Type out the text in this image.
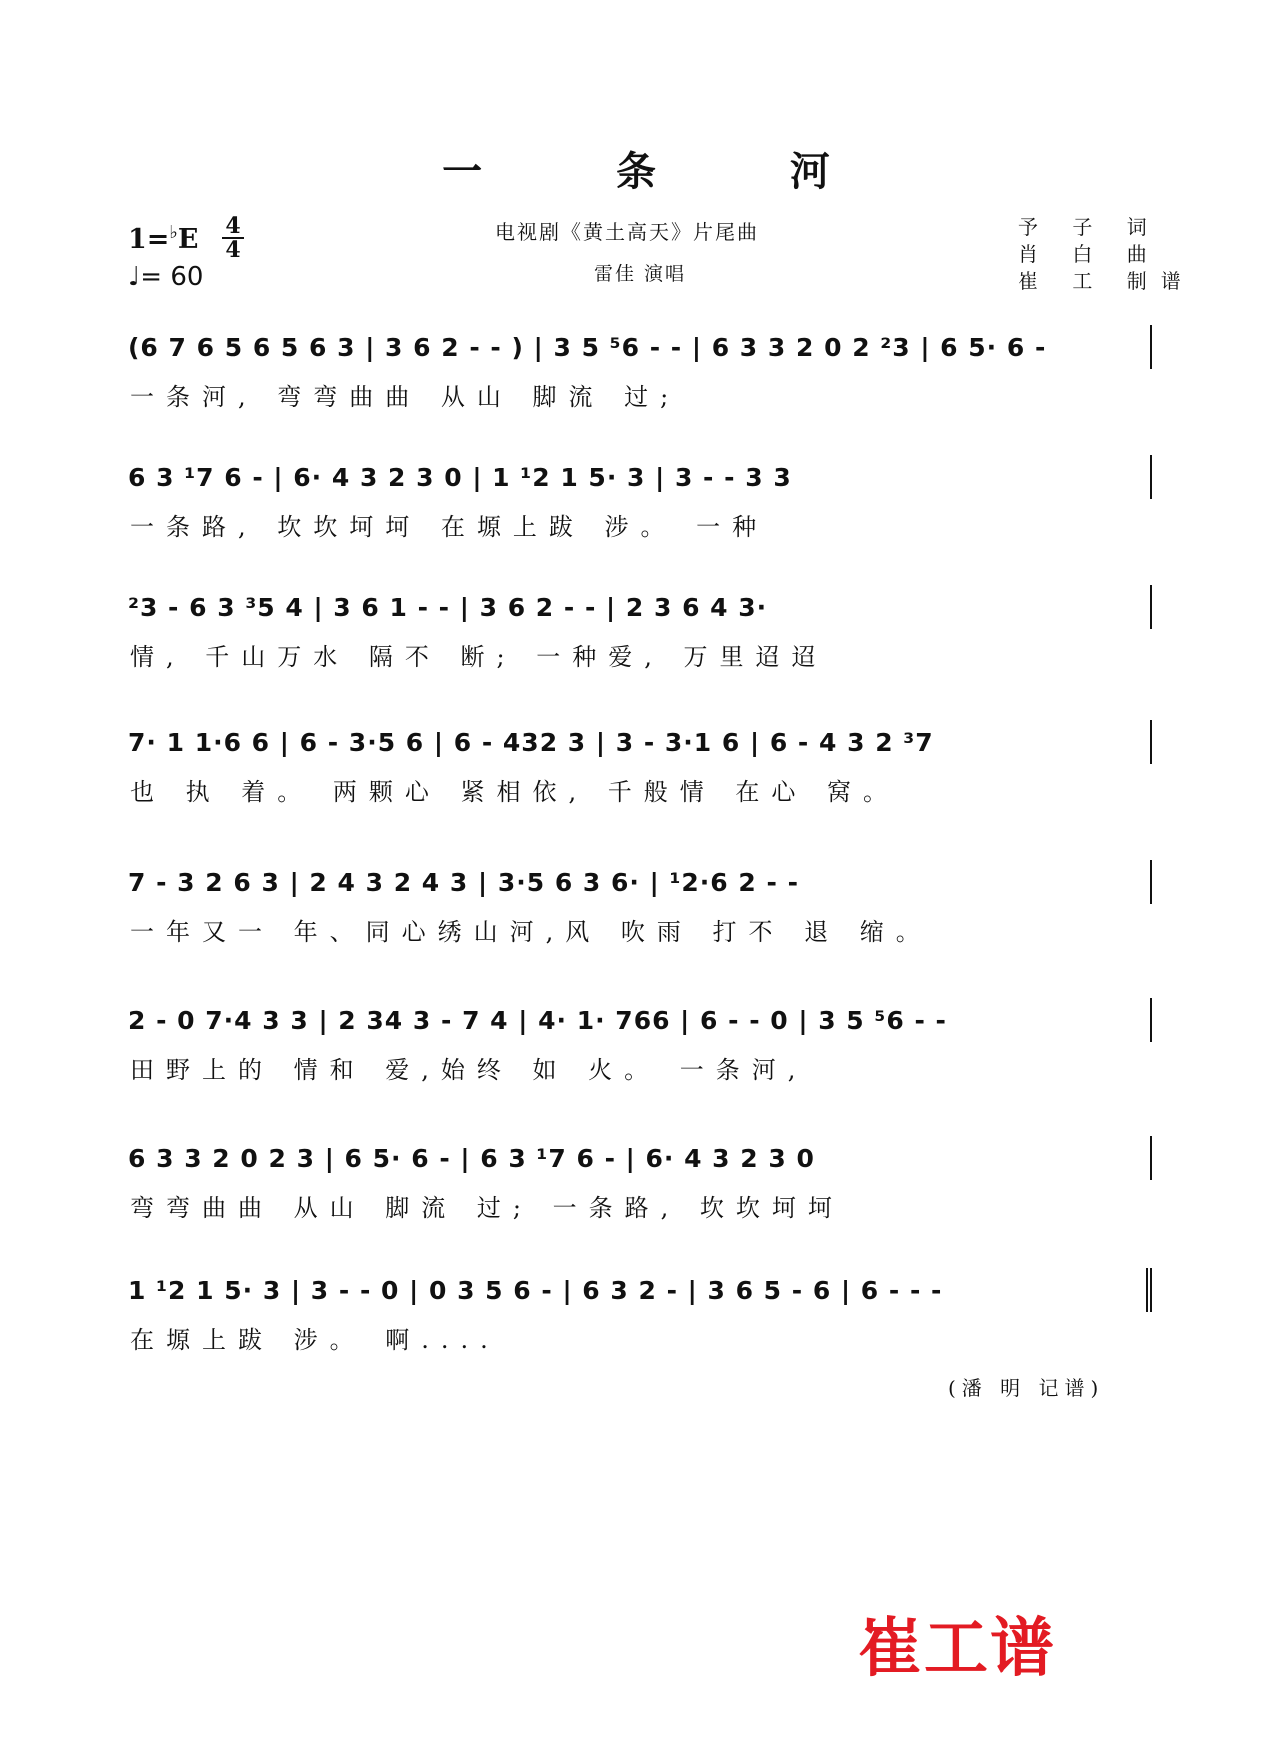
一 条 河
1=♭E 4
4
♩= 60
电视剧《黄土高天》片尾曲
雷佳 演唱
予 子 词
肖 白 曲
崔 工 制谱
(6 7 6 5 6 5 6 3 | 3 6 2 - - ) | 3 5 ⁵6 - - | 6 3 3 2 0 2 ²3 | 6 5· 6 -
一条河, 弯弯曲曲 从山 脚流 过;
6 3 ¹7 6 - | 6· 4 3 2 3 0 | 1 ¹2 1 5· 3 | 3 - - 3 3
一条路, 坎坎坷坷 在塬上跋 涉。 一种
²3 - 6 3 ³5 4 | 3 6 1 - - | 3 6 2 - - | 2 3 6 4 3·
情, 千山万水 隔不 断; 一种爱, 万里迢迢
7· 1 1·6 6 | 6 - 3·5 6 | 6 - 432 3 | 3 - 3·1 6 | 6 - 4 3 2 ³7
也 执 着。 两颗心 紧相依, 千般情 在心 窝。
7 - 3 2 6 3 | 2 4 3 2 4 3 | 3·5 6 3 6· | ¹2·6 2 - -
一年又一 年、同心绣山河,风 吹雨 打不 退 缩。
2 - 0 7·4 3 3 | 2 34 3 - 7 4 | 4· 1· 766 | 6 - - 0 | 3 5 ⁵6 - -
田野上的 情和 爱,始终 如 火。 一条河,
6 3 3 2 0 2 3 | 6 5· 6 - | 6 3 ¹7 6 - | 6· 4 3 2 3 0
弯弯曲曲 从山 脚流 过; 一条路, 坎坎坷坷
1 ¹2 1 5· 3 | 3 - - 0 | 0 3 5 6 - | 6 3 2 - | 3 6 5 - 6 | 6 - - -
在塬上跋 涉。 啊....
(潘 明 记谱)
崔工谱
